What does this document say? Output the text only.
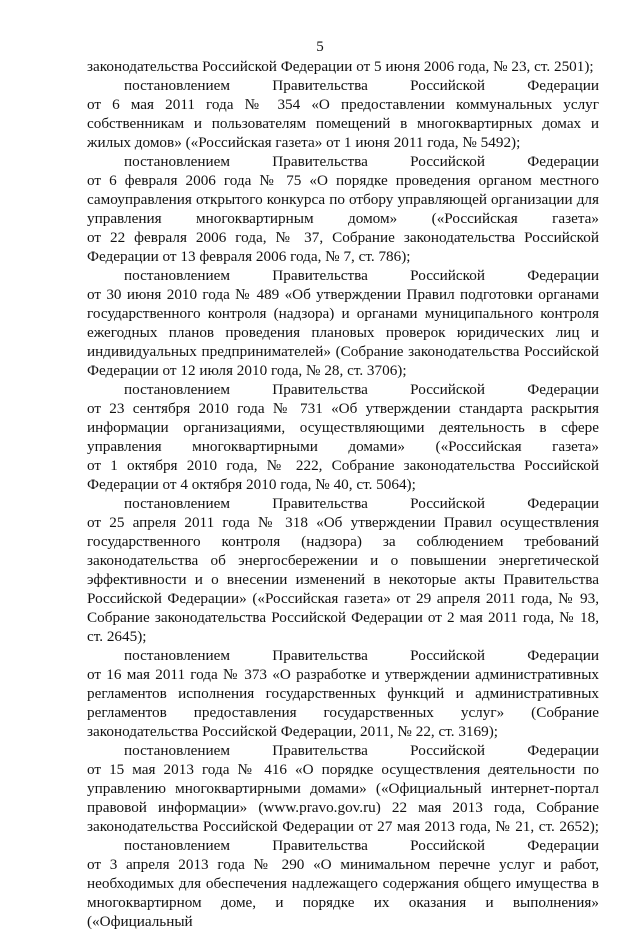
5
законодательства Российской Федерации от 5 июня 2006 года, № 23, ст. 2501);
постановлением Правительства Российской Федерации
от 6 мая 2011 года № 354 «О предоставлении коммунальных услуг
собственникам и пользователям помещений в многоквартирных домах и
жилых домов» («Российская газета» от 1 июня 2011 года, № 5492);
постановлением Правительства Российской Федерации
от 6 февраля 2006 года № 75 «О порядке проведения органом местного
самоуправления открытого конкурса по отбору управляющей организации для
управления многоквартирным домом» («Российская газета»
от 22 февраля 2006 года, № 37, Собрание законодательства Российской
Федерации от 13 февраля 2006 года, № 7, ст. 786);
постановлением Правительства Российской Федерации
от 30 июня 2010 года № 489 «Об утверждении Правил подготовки органами
государственного контроля (надзора) и органами муниципального контроля
ежегодных планов проведения плановых проверок юридических лиц и
индивидуальных предпринимателей» (Собрание законодательства Российской
Федерации от 12 июля 2010 года, № 28, ст. 3706);
постановлением Правительства Российской Федерации
от 23 сентября 2010 года № 731 «Об утверждении стандарта раскрытия
информации организациями, осуществляющими деятельность в сфере
управления многоквартирными домами» («Российская газета»
от 1 октября 2010 года, № 222, Собрание законодательства Российской
Федерации от 4 октября 2010 года, № 40, ст. 5064);
постановлением Правительства Российской Федерации
от 25 апреля 2011 года № 318 «Об утверждении Правил осуществления
государственного контроля (надзора) за соблюдением требований
законодательства об энергосбережении и о повышении энергетической
эффективности и о внесении изменений в некоторые акты Правительства
Российской Федерации» («Российская газета» от 29 апреля 2011 года, № 93,
Собрание законодательства Российской Федерации от 2 мая 2011 года, № 18,
ст. 2645);
постановлением Правительства Российской Федерации
от 16 мая 2011 года № 373 «О разработке и утверждении административных
регламентов исполнения государственных функций и административных
регламентов предоставления государственных услуг» (Собрание
законодательства Российской Федерации, 2011, № 22, ст. 3169);
постановлением Правительства Российской Федерации
от 15 мая 2013 года № 416 «О порядке осуществления деятельности по
управлению многоквартирными домами» («Официальный интернет-портал
правовой информации» (www.pravo.gov.ru) 22 мая 2013 года, Собрание
законодательства Российской Федерации от 27 мая 2013 года, № 21, ст. 2652);
постановлением Правительства Российской Федерации
от 3 апреля 2013 года № 290 «О минимальном перечне услуг и работ,
необходимых для обеспечения надлежащего содержания общего имущества в
многоквартирном доме, и порядке их оказания и выполнения» («Официальный
